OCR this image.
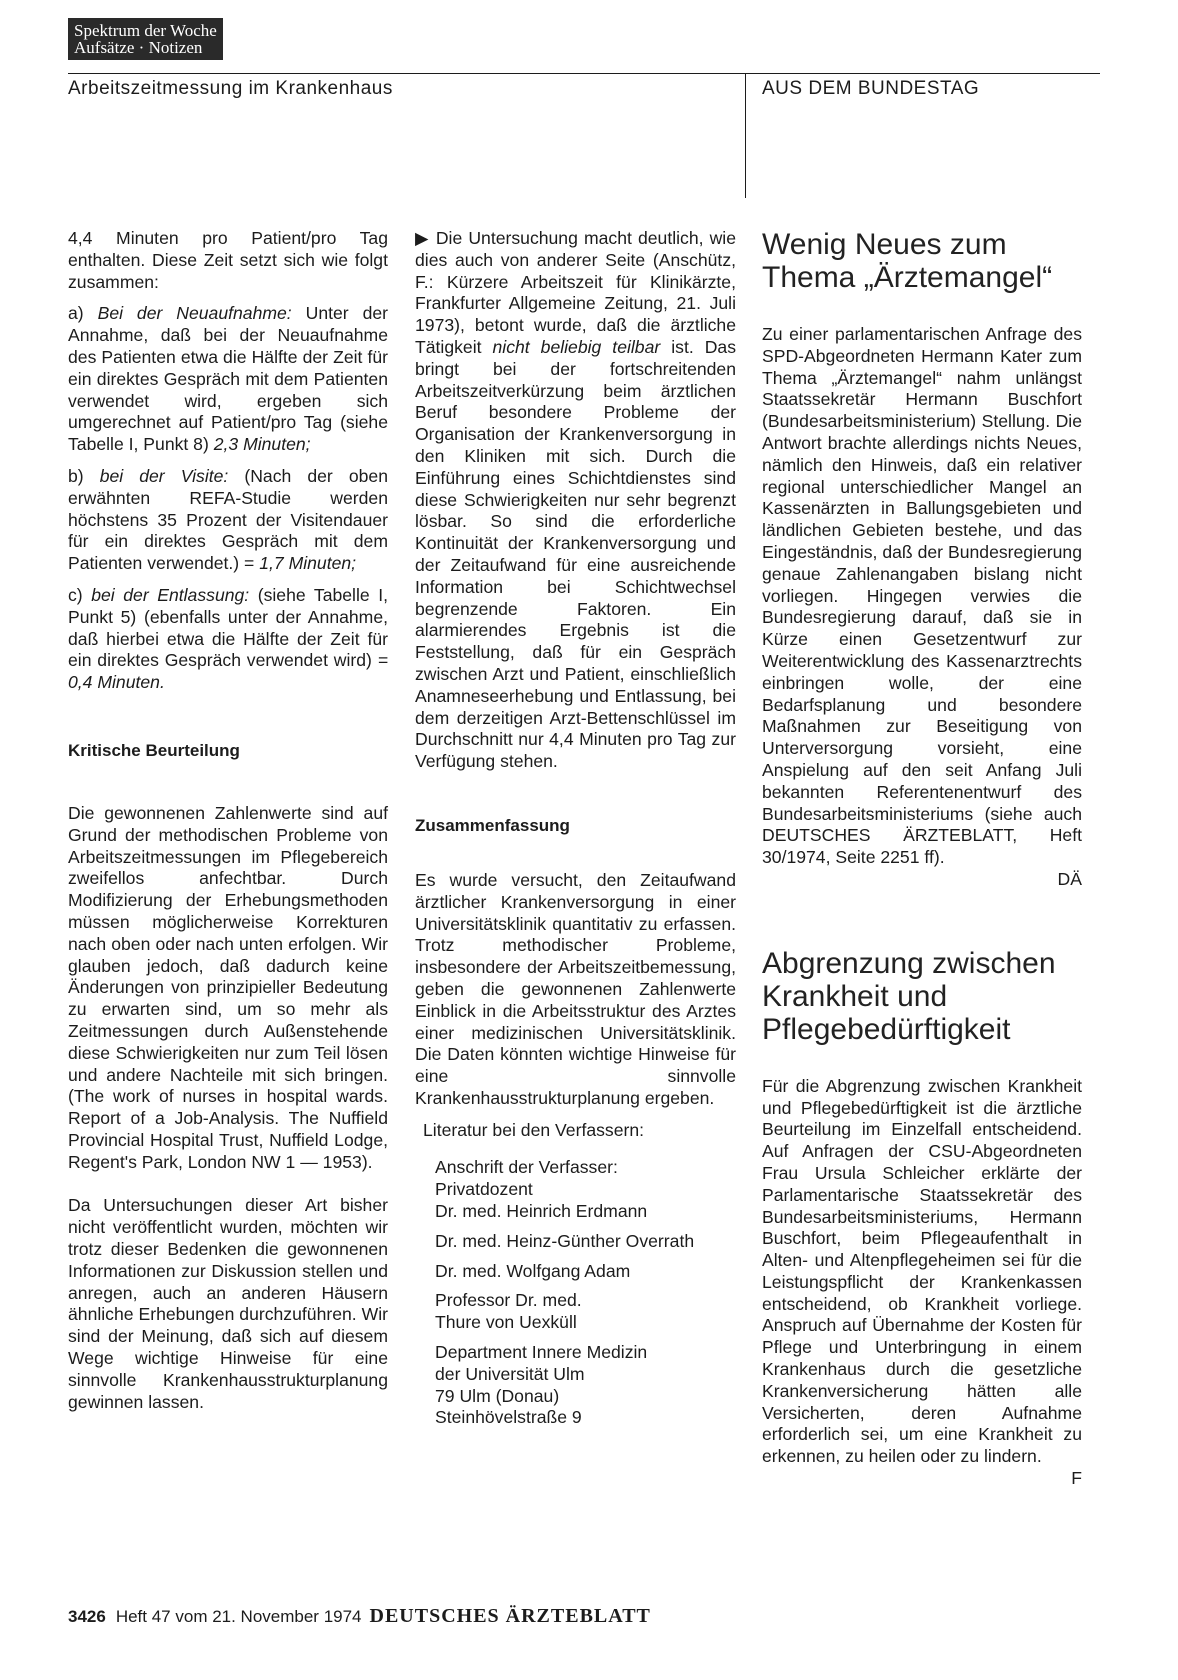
Spektrum der Woche
Aufsätze · Notizen
Arbeitszeitmessung im Krankenhaus	AUS DEM BUNDESTAG

4,4 Minuten pro Patient/pro Tag enthalten. Diese Zeit setzt sich wie folgt zusammen:

a) Bei der Neuaufnahme: Unter der Annahme, daß bei der Neuaufnahme des Patienten etwa die Hälfte der Zeit für ein direktes Gespräch mit dem Patienten verwendet wird, ergeben sich umgerechnet auf Patient/pro Tag (siehe Tabelle I, Punkt 8) 2,3 Minuten;

b) bei der Visite: (Nach der oben erwähnten REFA-Studie werden höchstens 35 Prozent der Visitendauer für ein direktes Gespräch mit dem Patienten verwendet.) = 1,7 Minuten;

c) bei der Entlassung: (siehe Tabelle I, Punkt 5) (ebenfalls unter der Annahme, daß hierbei etwa die Hälfte der Zeit für ein direktes Gespräch verwendet wird) = 0,4 Minuten.

Kritische Beurteilung

Die gewonnenen Zahlenwerte sind auf Grund der methodischen Probleme von Arbeitszeitmessungen im Pflegebereich zweifellos anfechtbar. Durch Modifizierung der Erhebungsmethoden müssen möglicherweise Korrekturen nach oben oder nach unten erfolgen. Wir glauben jedoch, daß dadurch keine Änderungen von prinzipieller Bedeutung zu erwarten sind, um so mehr als Zeitmessungen durch Außenstehende diese Schwierigkeiten nur zum Teil lösen und andere Nachteile mit sich bringen. (The work of nurses in hospital wards. Report of a Job-Analysis. The Nuffield Provincial Hospital Trust, Nuffield Lodge, Regent's Park, London NW 1 — 1953).

Da Untersuchungen dieser Art bisher nicht veröffentlicht wurden, möchten wir trotz dieser Bedenken die gewonnenen Informationen zur Diskussion stellen und anregen, auch an anderen Häusern ähnliche Erhebungen durchzuführen. Wir sind der Meinung, daß sich auf diesem Wege wichtige Hinweise für eine sinnvolle Krankenhausstrukturplanung gewinnen lassen.

▶ Die Untersuchung macht deutlich, wie dies auch von anderer Seite (Anschütz, F.: Kürzere Arbeitszeit für Klinikärzte, Frankfurter Allgemeine Zeitung, 21. Juli 1973), betont wurde, daß die ärztliche Tätigkeit nicht beliebig teilbar ist. Das bringt bei der fortschreitenden Arbeitszeitverkürzung beim ärztlichen Beruf besondere Probleme der Organisation der Krankenversorgung in den Kliniken mit sich. Durch die Einführung eines Schichtdienstes sind diese Schwierigkeiten nur sehr begrenzt lösbar. So sind die erforderliche Kontinuität der Krankenversorgung und der Zeitaufwand für eine ausreichende Information bei Schichtwechsel begrenzende Faktoren. Ein alarmierendes Ergebnis ist die Feststellung, daß für ein Gespräch zwischen Arzt und Patient, einschließlich Anamneseerhebung und Entlassung, bei dem derzeitigen Arzt-Bettenschlüssel im Durchschnitt nur 4,4 Minuten pro Tag zur Verfügung stehen.

Zusammenfassung

Es wurde versucht, den Zeitaufwand ärztlicher Krankenversorgung in einer Universitätsklinik quantitativ zu erfassen. Trotz methodischer Probleme, insbesondere der Arbeitszeitbemessung, geben die gewonnenen Zahlenwerte Einblick in die Arbeitsstruktur des Arztes einer medizinischen Universitätsklinik. Die Daten könnten wichtige Hinweise für eine sinnvolle Krankenhausstrukturplanung ergeben.

Literatur bei den Verfassern:
Anschrift der Verfasser:
Privatdozent
Dr. med. Heinrich Erdmann
Dr. med. Heinz-Günther Overrath
Dr. med. Wolfgang Adam
Professor Dr. med.
Thure von Uexküll
Department Innere Medizin
der Universität Ulm
79 Ulm (Donau)
Steinhövelstraße 9
Wenig Neues zum Thema „Ärztemangel“

Zu einer parlamentarischen Anfrage des SPD-Abgeordneten Hermann Kater zum Thema „Ärztemangel“ nahm unlängst Staatssekretär Hermann Buschfort (Bundesarbeitsministerium) Stellung. Die Antwort brachte allerdings nichts Neues, nämlich den Hinweis, daß ein relativer regional unterschiedlicher Mangel an Kassenärzten in Ballungsgebieten und ländlichen Gebieten bestehe, und das Eingeständnis, daß der Bundesregierung genaue Zahlenangaben bislang nicht vorliegen. Hingegen verwies die Bundesregierung darauf, daß sie in Kürze einen Gesetzentwurf zur Weiterentwicklung des Kassenarztrechts einbringen wolle, der eine Bedarfsplanung und besondere Maßnahmen zur Beseitigung von Unterversorgung vorsieht, eine Anspielung auf den seit Anfang Juli bekannten Referentenentwurf des Bundesarbeitsministeriums (siehe auch DEUTSCHES ÄRZTEBLATT, Heft 30/1974, Seite 2251 ff).

DÄ
Abgrenzung zwischen Krankheit und Pflegebedürftigkeit

Für die Abgrenzung zwischen Krankheit und Pflegebedürftigkeit ist die ärztliche Beurteilung im Einzelfall entscheidend. Auf Anfragen der CSU-Abgeordneten Frau Ursula Schleicher erklärte der Parlamentarische Staatssekretär des Bundesarbeitsministeriums, Hermann Buschfort, beim Pflegeaufenthalt in Alten- und Altenpflegeheimen sei für die Leistungspflicht der Krankenkassen entscheidend, ob Krankheit vorliege. Anspruch auf Übernahme der Kosten für Pflege und Unterbringung in einem Krankenhaus durch die gesetzliche Krankenversicherung hätten alle Versicherten, deren Aufnahme erforderlich sei, um eine Krankheit zu erkennen, zu heilen oder zu lindern.

F
3426 Heft 47 vom 21. November 1974 DEUTSCHES ÄRZTEBLATT
